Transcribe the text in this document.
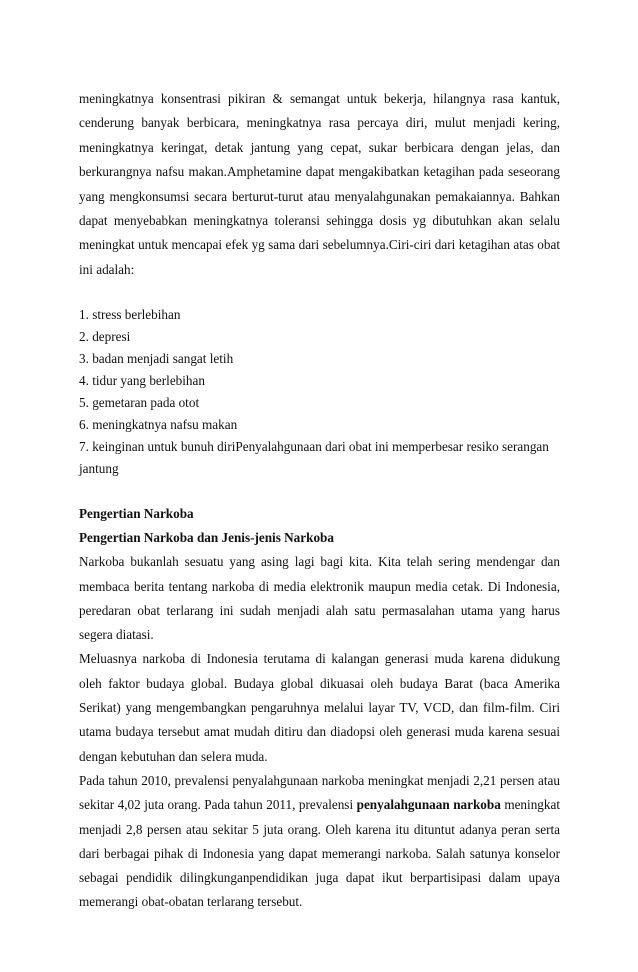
meningkatnya konsentrasi pikiran & semangat untuk bekerja, hilangnya rasa kantuk, cenderung banyak berbicara, meningkatnya rasa percaya diri, mulut menjadi kering, meningkatnya keringat, detak jantung yang cepat, sukar berbicara dengan jelas, dan berkurangnya nafsu makan.Amphetamine dapat mengakibatkan ketagihan pada seseorang yang mengkonsumsi secara berturut-turut atau menyalahgunakan pemakaiannya. Bahkan dapat menyebabkan meningkatnya toleransi sehingga dosis yg dibutuhkan akan selalu meningkat untuk mencapai efek yg sama dari sebelumnya.Ciri-ciri dari ketagihan atas obat ini adalah:

1. stress berlebihan
2. depresi
3. badan menjadi sangat letih
4. tidur yang berlebihan
5. gemetaran pada otot
6. meningkatnya nafsu makan
7. keinginan untuk bunuh diriPenyalahgunaan dari obat ini memperbesar resiko serangan jantung

Pengertian Narkoba

Pengertian Narkoba dan Jenis-jenis Narkoba

Narkoba bukanlah sesuatu yang asing lagi bagi kita. Kita telah sering mendengar dan membaca berita tentang narkoba di media elektronik maupun media cetak. Di Indonesia, peredaran obat terlarang ini sudah menjadi alah satu permasalahan utama yang harus segera diatasi.

Meluasnya narkoba di Indonesia terutama di kalangan generasi muda karena didukung oleh faktor budaya global. Budaya global dikuasai oleh budaya Barat (baca Amerika Serikat) yang mengembangkan pengaruhnya melalui layar TV, VCD, dan film-film. Ciri utama budaya tersebut amat mudah ditiru dan diadopsi oleh generasi muda karena sesuai dengan kebutuhan dan selera muda.

Pada tahun 2010, prevalensi penyalahgunaan narkoba meningkat menjadi 2,21 persen atau sekitar 4,02 juta orang. Pada tahun 2011, prevalensi penyalahgunaan narkoba meningkat menjadi 2,8 persen atau sekitar 5 juta orang. Oleh karena itu dituntut adanya peran serta dari berbagai pihak di Indonesia yang dapat memerangi narkoba. Salah satunya konselor sebagai pendidik dilingkunganpendidikan juga dapat ikut berpartisipasi dalam upaya memerangi obat-obatan terlarang tersebut.
